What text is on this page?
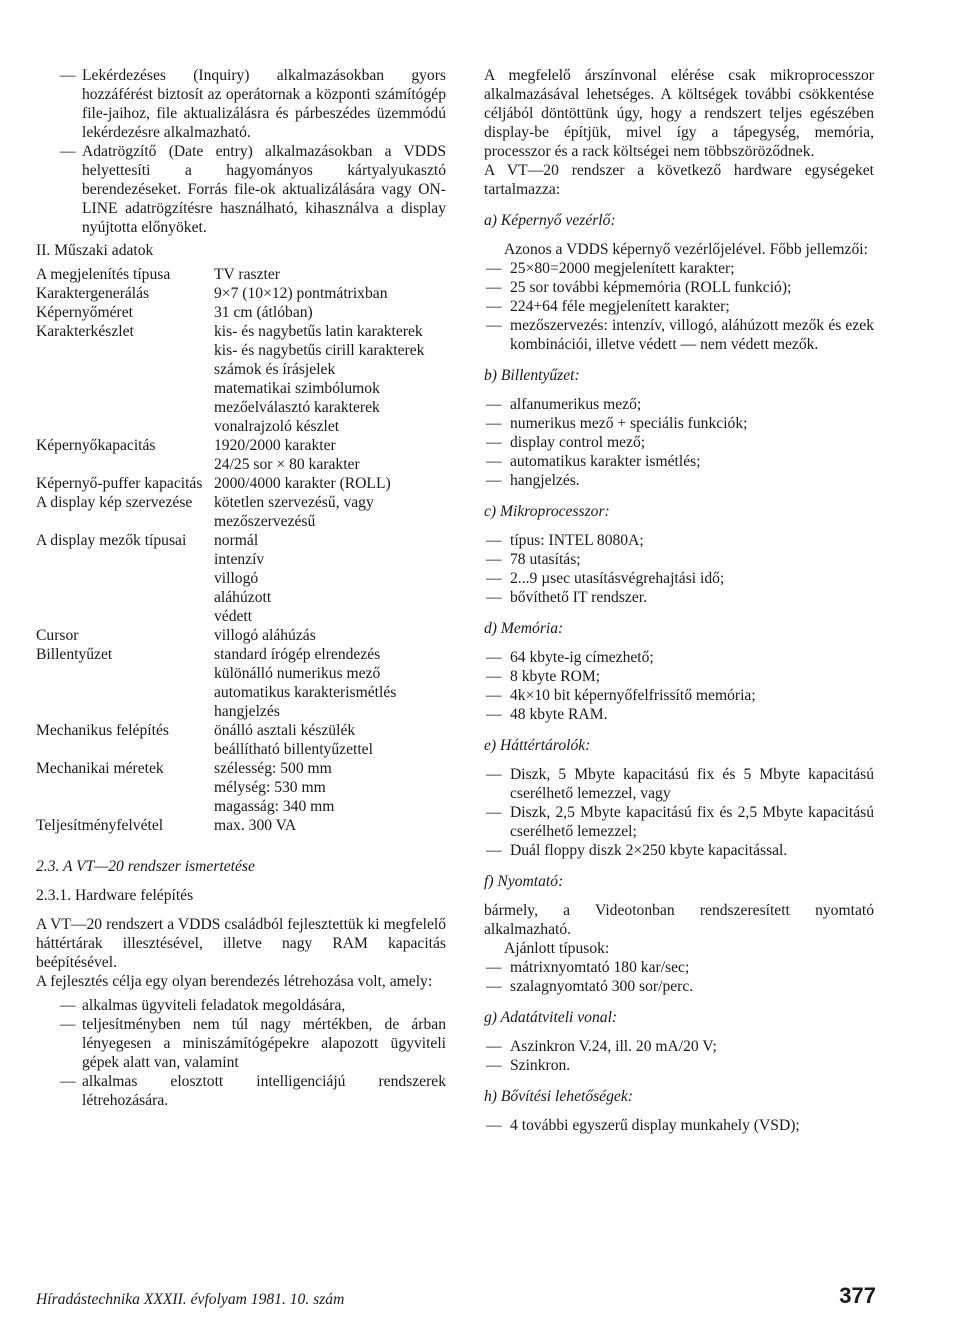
— Lekérdezéses (Inquiry) alkalmazásokban gyors hozzáférést biztosít az operátornak a központi számítógép file-jaihoz, file aktualizálásra és párbeszédes üzemmódú lekérdezésre alkalmazható.
— Adatrögzítő (Date entry) alkalmazásokban a VDDS helyettesíti a hagyományos kártyalyukasztó berendezéseket. Forrás file-ok aktualizálására vagy ON-LINE adatrögzítésre használható, kihasználva a display nyújtotta előnyöket.

II. Műszaki adatok

A megjelenítés típusa	TV raszter
Karaktergenerálás	9×7 (10×12) pontmátrixban
Képernyőméret	31 cm (átlóban)
Karakterkészlet	kis- és nagybetűs latin karakterek
kis- és nagybetűs cirill karakterek
számok és írásjelek
matematikai szimbólumok
mezőelválasztó karakterek
vonalrajzoló készlet
Képernyőkapacitás	1920/2000 karakter
24/25 sor × 80 karakter
Képernyő-puffer kapacitás 2000/4000 karakter (ROLL)
A display kép szervezése	kötetlen szervezésű, vagy mezőszervezésű
A display mezők típusai	normál
intenzív
villogó
aláhúzott
védett
Cursor	villogó aláhúzás
Billentyűzet	standard írógép elrendezés
különálló numerikus mező
automatikus karakterismétlés
hangjelzés
Mechanikus felépítés	önálló asztali készülék
beállítható billentyűzettel
Mechanikai méretek	szélesség: 500 mm
mélység: 530 mm
magasság: 340 mm
Teljesítményfelvétel	max. 300 VA

2.3. A VT—20 rendszer ismertetése

2.3.1. Hardware felépítés

A VT—20 rendszert a VDDS családból fejlesztettük ki megfelelő háttértárak illesztésével, illetve nagy RAM kapacitás beépítésével.

A fejlesztés célja egy olyan berendezés létrehozása volt, amely:

— alkalmas ügyviteli feladatok megoldására,
— teljesítményben nem túl nagy mértékben, de árban lényegesen a miniszámítógépekre alapozott ügyviteli gépek alatt van, valamint
— alkalmas elosztott intelligenciájú rendszerek létrehozására.

A megfelelő árszínvonal elérése csak mikroprocesszor alkalmazásával lehetséges. A költségek további csökkentése céljából döntöttünk úgy, hogy a rendszert teljes egészében display-be építjük, mivel így a tápegység, memória, processzor és a rack költségei nem többszöröződnek.

A VT—20 rendszer a következő hardware egységeket tartalmazza:

a) Képernyő vezérlő:

Azonos a VDDS képernyő vezérlőjelével. Főbb jellemzői:

— 25×80=2000 megjelenített karakter;
— 25 sor további képmemória (ROLL funkció);
— 224+64 féle megjelenített karakter;
— mezőszervezés: intenzív, villogó, aláhúzott mezők és ezek kombinációi, illetve védett — nem védett mezők.

b) Billentyűzet:

— alfanumerikus mező;
— numerikus mező + speciális funkciók;
— display control mező;
— automatikus karakter ismétlés;
— hangjelzés.

c) Mikroprocesszor:

— típus: INTEL 8080A;
— 78 utasítás;
— 2...9 µsec utasításvégrehajtási idő;
— bővíthető IT rendszer.

d) Memória:

— 64 kbyte-ig címezhető;
— 8 kbyte ROM;
— 4k×10 bit képernyőfelfrissítő memória;
— 48 kbyte RAM.

e) Háttértárolók:

— Diszk, 5 Mbyte kapacitású fix és 5 Mbyte kapacitású cserélhető lemezzel, vagy
— Diszk, 2,5 Mbyte kapacitású fix és 2,5 Mbyte kapacitású cserélhető lemezzel;
— Duál floppy diszk 2×250 kbyte kapacitással.

f) Nyomtató:

bármely, a Videotonban rendszeresített nyomtató alkalmazható.

Ajánlott típusok:

— mátrixnyomtató 180 kar/sec;
— szalagnyomtató 300 sor/perc.

g) Adatátviteli vonal:

— Aszinkron V.24, ill. 20 mA/20 V;
— Szinkron.

h) Bővítési lehetőségek:

— 4 további egyszerű display munkahely (VSD);
Híradástechnika XXXII. évfolyam 1981. 10. szám	377
